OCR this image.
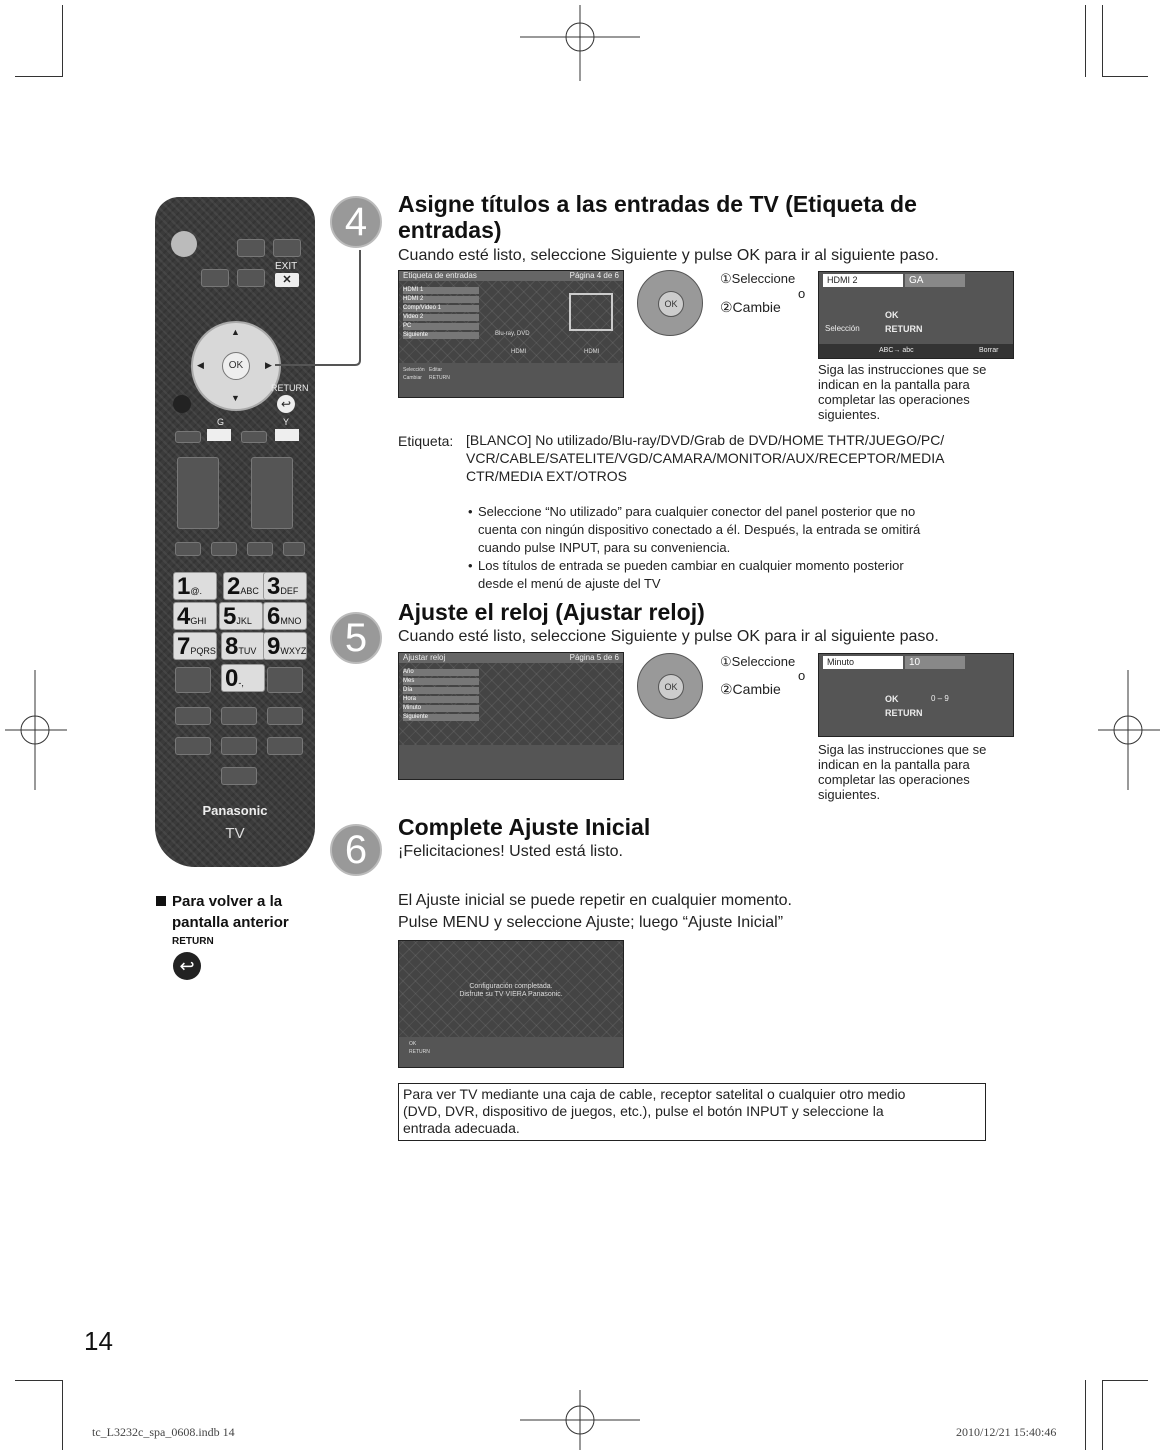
EXIT
✕
OK
▲
▼
◀	▶
RETURN
↩
G	Y
1@.	2ABC 3DEF
4GHI 5JKL 6MNO
7PQRS 8TUV 9WXYZ
0-,
Panasonic
TV
Para volver a la
pantalla anterior
RETURN
↩
4	Asigne títulos a las entradas de TV (Etiqueta de
entradas)
Cuando esté listo, seleccione Siguiente y pulse OK para ir al siguiente paso.
Etiqueta de entradas	Página 4 de 6
HDMI 1
HDMI 2
Comp/Video 1
Video 2
PC
Siguiente	Blu-ray, DVD
HDMI	HDMI
Selección
Cambiar
Editar
RETURN
OK
①Seleccione
②Cambie
o
HDMI 2	GA
Selección
OK
RETURN
ABC→ abc	Borrar
Siga las instrucciones que se
indican en la pantalla para
completar las operaciones
siguientes.
Etiqueta: [BLANCO] No utilizado/Blu-ray/DVD/Grab de DVD/HOME THTR/JUEGO/PC/
VCR/CABLE/SATELITE/VGD/CAMARA/MONITOR/AUX/RECEPTOR/MEDIA
CTR/MEDIA EXT/OTROS
• Seleccione “No utilizado” para cualquier conector del panel posterior que no
cuenta con ningún dispositivo conectado a él. Después, la entrada se omitirá
cuando pulse INPUT, para su conveniencia.
• Los títulos de entrada se pueden cambiar en cualquier momento posterior
desde el menú de ajuste del TV
5
Ajuste el reloj (Ajustar reloj)
Cuando esté listo, seleccione Siguiente y pulse OK para ir al siguiente paso.
Ajustar reloj	Página 5 de 6
Año
Mes
Día
Hora
Minuto
Siguiente
OK
①Seleccione
②Cambie
o
Minuto	10
OK
RETURN
0 – 9
Siga las instrucciones que se
indican en la pantalla para
completar las operaciones
siguientes.
6
Complete Ajuste Inicial
¡Felicitaciones! Usted está listo.
El Ajuste inicial se puede repetir en cualquier momento.
Pulse MENU y seleccione Ajuste; luego “Ajuste Inicial”
Configuración completada.
Disfrute su TV VIERA Panasonic.
OK
RETURN
Para ver TV mediante una caja de cable, receptor satelital o cualquier otro medio
(DVD, DVR, dispositivo de juegos, etc.), pulse el botón INPUT y seleccione la
entrada adecuada.
14
tc_L3232c_spa_0608.indb 14	2010/12/21 15:40:46
